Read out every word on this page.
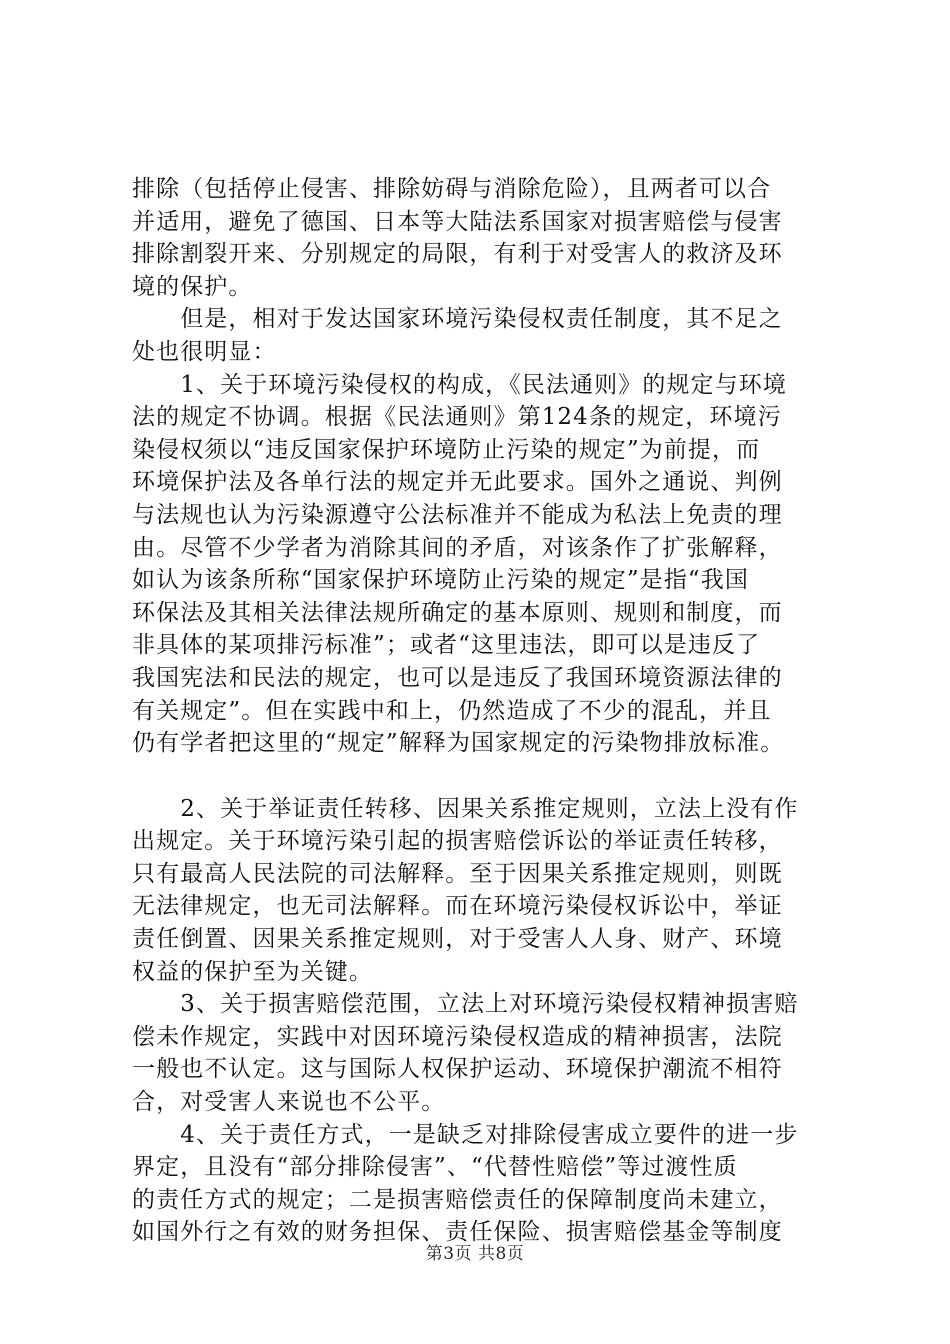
排除（包括停止侵害、排除妨碍与消除危险），且两者可以合
并适用，避免了德国、日本等大陆法系国家对损害赔偿与侵害
排除割裂开来、分别规定的局限，有利于对受害人的救济及环
境的保护。
　　但是，相对于发达国家环境污染侵权责任制度，其不足之
处也很明显：
　　1、关于环境污染侵权的构成，《民法通则》的规定与环境
法的规定不协调。根据《民法通则》第124条的规定，环境污
染侵权须以“违反国家保护环境防止污染的规定”为前提，而
环境保护法及各单行法的规定并无此要求。国外之通说、判例
与法规也认为污染源遵守公法标准并不能成为私法上免责的理
由。尽管不少学者为消除其间的矛盾，对该条作了扩张解释，
如认为该条所称“国家保护环境防止污染的规定”是指“我国
环保法及其相关法律法规所确定的基本原则、规则和制度，而
非具体的某项排污标准”；或者“这里违法，即可以是违反了
我国宪法和民法的规定，也可以是违反了我国环境资源法律的
有关规定”。但在实践中和上，仍然造成了不少的混乱，并且
仍有学者把这里的“规定”解释为国家规定的污染物排放标准。
　　2、关于举证责任转移、因果关系推定规则，立法上没有作
出规定。关于环境污染引起的损害赔偿诉讼的举证责任转移，
只有最高人民法院的司法解释。至于因果关系推定规则，则既
无法律规定，也无司法解释。而在环境污染侵权诉讼中，举证
责任倒置、因果关系推定规则，对于受害人人身、财产、环境
权益的保护至为关键。
　　3、关于损害赔偿范围，立法上对环境污染侵权精神损害赔
偿未作规定，实践中对因环境污染侵权造成的精神损害，法院
一般也不认定。这与国际人权保护运动、环境保护潮流不相符
合，对受害人来说也不公平。
　　4、关于责任方式，一是缺乏对排除侵害成立要件的进一步
界定，且没有“部分排除侵害”、“代替性赔偿”等过渡性质
的责任方式的规定；二是损害赔偿责任的保障制度尚未建立，
如国外行之有效的财务担保、责任保险、损害赔偿基金等制度
第3页 共8页
